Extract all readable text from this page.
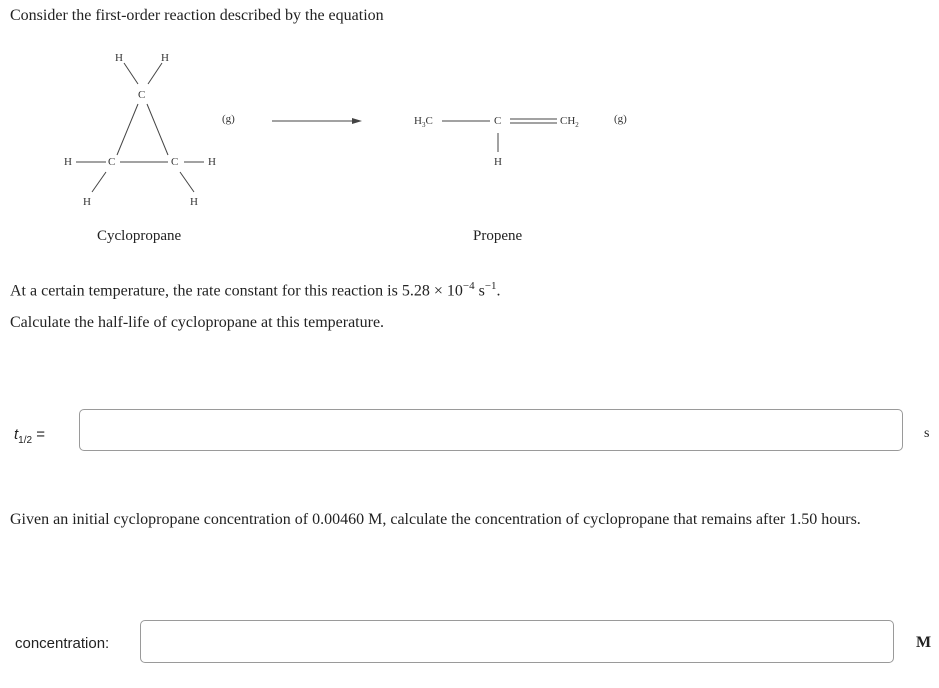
Consider the first-order reaction described by the equation
H	H
C
H	C	C	H
H	H
(g)	$H_3C$	C	$CH_2$
H
(g)
Cyclopropane	Propene
At a certain temperature, the rate constant for this reaction is $5.28 \times 10^{-4}$ $s^{-1}$.
Calculate the half-life of cyclopropane at this temperature.
$t_{1/2}$ =	s
Given an initial cyclopropane concentration of 0.00460 M, calculate the concentration of cyclopropane that remains after 1.50 hours.
concentration:	M
